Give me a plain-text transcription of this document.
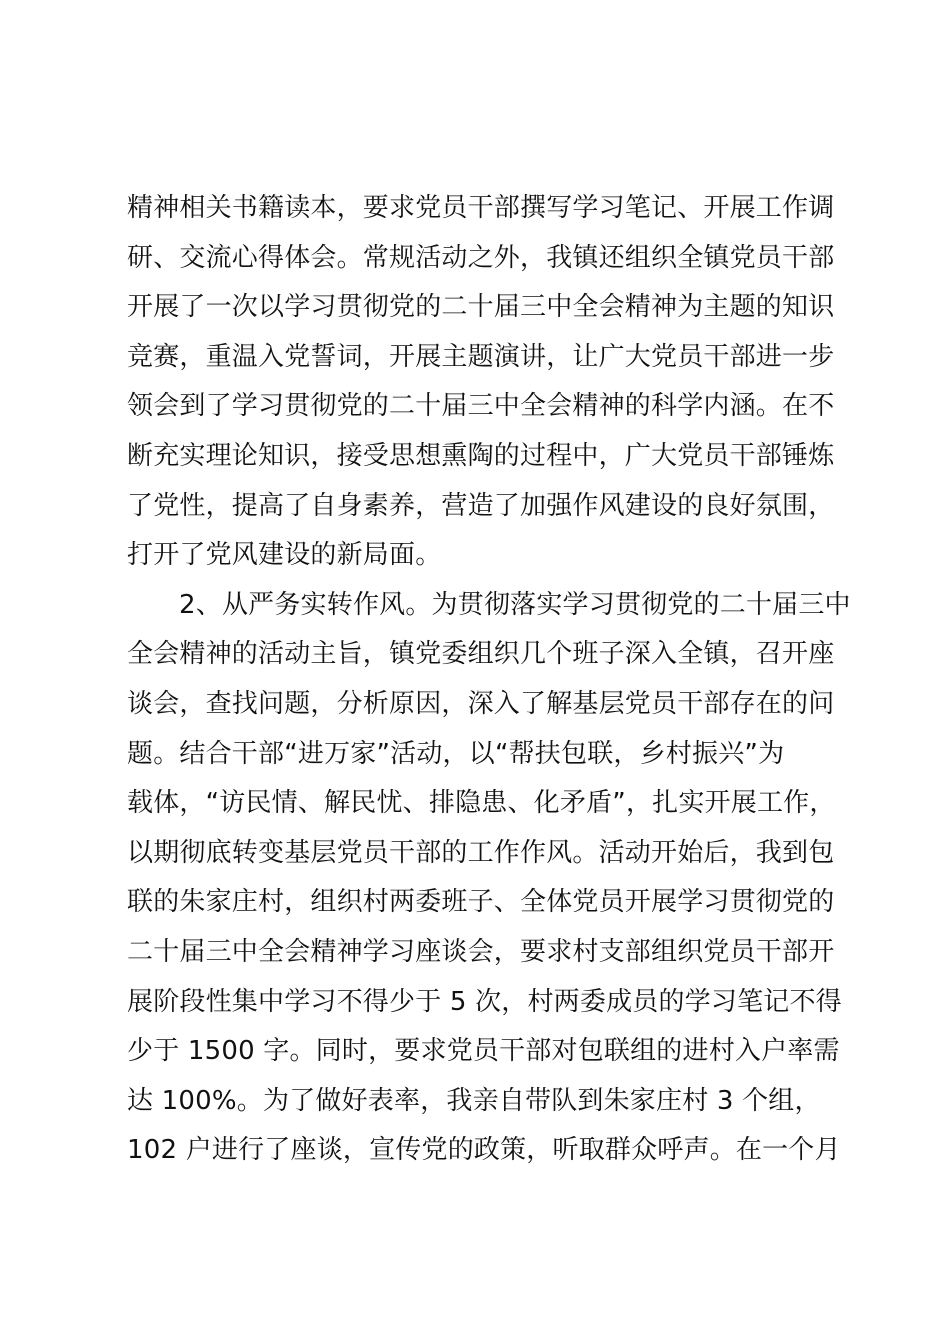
精神相关书籍读本，要求党员干部撰写学习笔记、开展工作调
研、交流心得体会。常规活动之外，我镇还组织全镇党员干部
开展了一次以学习贯彻党的二十届三中全会精神为主题的知识
竞赛，重温入党誓词，开展主题演讲，让广大党员干部进一步
领会到了学习贯彻党的二十届三中全会精神的科学内涵。在不
断充实理论知识，接受思想熏陶的过程中，广大党员干部锤炼
了党性，提高了自身素养，营造了加强作风建设的良好氛围，
打开了党风建设的新局面。
2、从严务实转作风。为贯彻落实学习贯彻党的二十届三中
全会精神的活动主旨，镇党委组织几个班子深入全镇，召开座
谈会，查找问题，分析原因，深入了解基层党员干部存在的问
题。结合干部“进万家”活动，以“帮扶包联，乡村振兴”为
载体，“访民情、解民忧、排隐患、化矛盾”，扎实开展工作，
以期彻底转变基层党员干部的工作作风。活动开始后，我到包
联的朱家庄村，组织村两委班子、全体党员开展学习贯彻党的
二十届三中全会精神学习座谈会，要求村支部组织党员干部开
展阶段性集中学习不得少于 5 次，村两委成员的学习笔记不得
少于 1500 字。同时，要求党员干部对包联组的进村入户率需
达 100%。为了做好表率，我亲自带队到朱家庄村 3 个组，
102 户进行了座谈，宣传党的政策，听取群众呼声。在一个月
